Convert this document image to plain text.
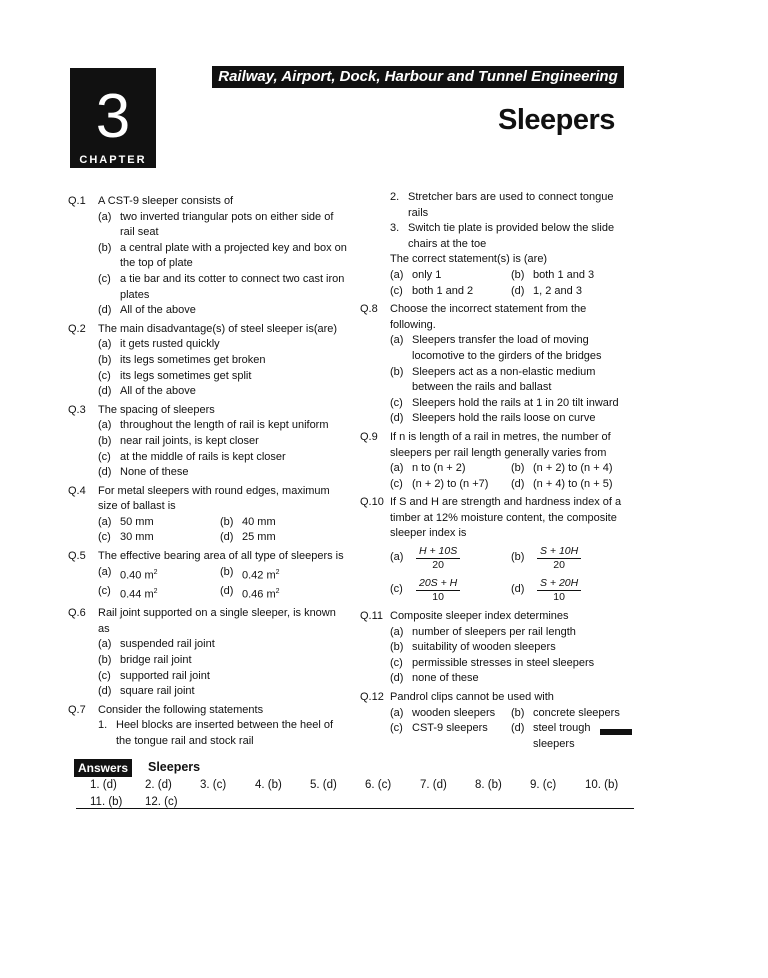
3
CHAPTER
Railway, Airport, Dock, Harbour and Tunnel Engineering
Sleepers
Q.1	A CST-9 sleeper consists of
(a) two inverted triangular pots on either side of rail seat
(b) a central plate with a projected key and box on the top of plate
(c) a tie bar and its cotter to connect two cast iron plates
(d) All of the above
Q.2	The main disadvantage(s) of steel sleeper is(are)
(a) it gets rusted quickly
(b) its legs sometimes get broken
(c) its legs sometimes get split
(d) All of the above
Q.3	The spacing of sleepers
(a) throughout the length of rail is kept uniform
(b) near rail joints, is kept closer
(c) at the middle of rails is kept closer
(d) None of these
Q.4	For metal sleepers with round edges, maximum size of ballast is
(a) 50 mm	(b) 40 mm
(c) 30 mm	(d) 25 mm
Q.5	The effective bearing area of all type of sleepers is
(a) 0.40 $m^2$	(b) 0.42 $m^2$
(c) 0.44 $m^2$	(d) 0.46 $m^2$
Q.6	Rail joint supported on a single sleeper, is known as
(a) suspended rail joint
(b) bridge rail joint
(c) supported rail joint
(d) square rail joint
Q.7	Consider the following statements
1. Heel blocks are inserted between the heel of the tongue rail and stock rail
2. Stretcher bars are used to connect tongue rails
3. Switch tie plate is provided below the slide chairs at the toe
The correct statement(s) is (are)
(a) only 1	(b) both 1 and 3
(c) both 1 and 2	(d) 1, 2 and 3
Q.8	Choose the incorrect statement from the following.
(a) Sleepers transfer the load of moving locomotive to the girders of the bridges
(b) Sleepers act as a non-elastic medium between the rails and ballast
(c) Sleepers hold the rails at 1 in 20 tilt inward
(d) Sleepers hold the rails loose on curve
Q.9	If n is length of a rail in metres, the number of sleepers per rail length generally varies from
(a) n to (n + 2)	(b) (n + 2) to (n + 4)
(c) (n + 2) to (n +7) (d) (n + 4) to (n + 5)
Q.10 If S and H are strength and hardness index of a timber at 12% moisture content, the composite sleeper index is
(a)	$\frac{H + 10S}{20}$	(b)	$\frac{S + 10H}{20}$
(c)	$\frac{20S + H}{10}$	(d)	$\frac{S + 20H}{10}$
Q.11 Composite sleeper index determines
(a) number of sleepers per rail length
(b) suitability of wooden sleepers
(c) permissible stresses in steel sleepers
(d) none of these
Q.12 Pandrol clips cannot be used with
(a) wooden sleepers (b) concrete sleepers
(c) CST-9 sleepers (d) steel trough sleepers
Answers	Sleepers
1. (d)	2. (d)	3. (c)	4. (b)	5. (d)	6. (c)	7. (d)	8. (b)	9. (c)	10. (b)
11. (b)	12. (c)
